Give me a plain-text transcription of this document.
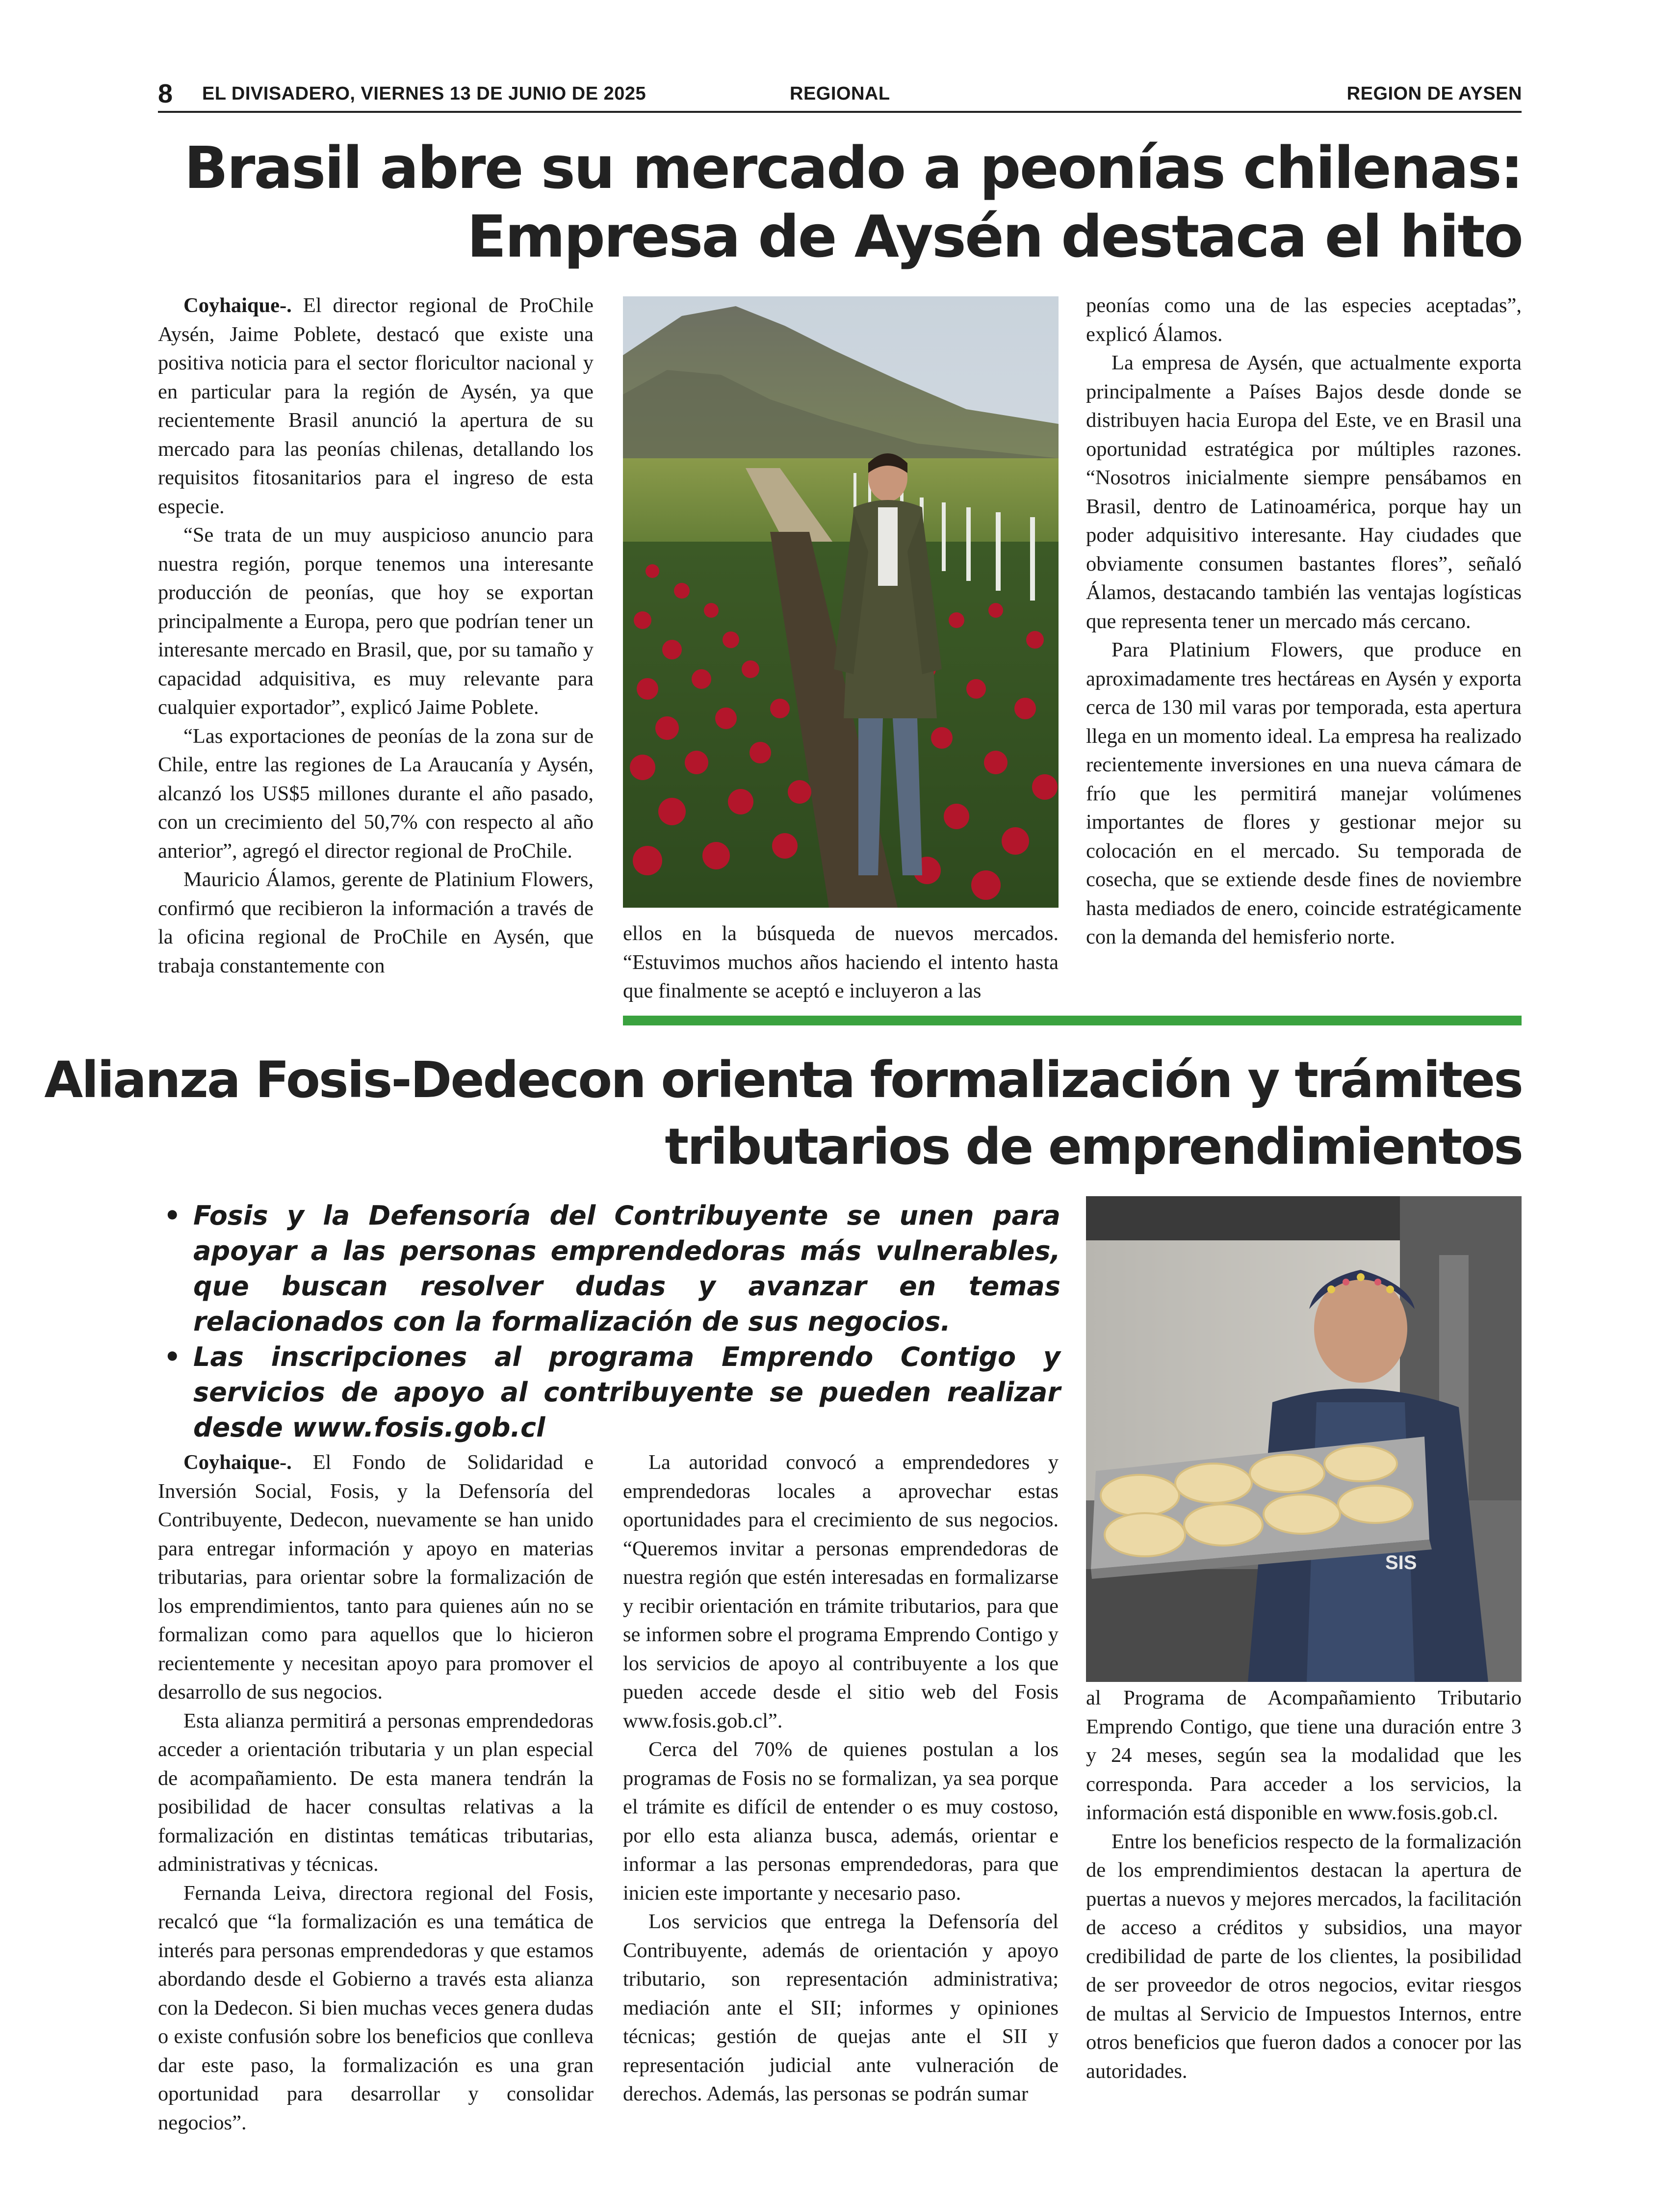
8 EL DIVISADERO, VIERNES 13 DE JUNIO DE 2025	REGIONAL	REGION DE AYSEN
Brasil abre su mercado a peonías chilenas:
Empresa de Aysén destaca el hito

Coyhaique-. El director regional de ProChile Aysén, Jaime Poblete, destacó que existe una positiva noticia para el sector floricultor nacional y en particular para la región de Aysén, ya que recientemente Brasil anunció la apertura de su mercado para las peonías chilenas, detallando los requisitos fitosanitarios para el ingreso de esta especie.

“Se trata de un muy auspicioso anuncio para nuestra región, porque tenemos una interesante producción de peonías, que hoy se exportan principalmente a Europa, pero que podrían tener un interesante mercado en Brasil, que, por su tamaño y capacidad adquisitiva, es muy relevante para cualquier exportador”, explicó Jaime Poblete.

“Las exportaciones de peonías de la zona sur de Chile, entre las regiones de La Araucanía y Aysén, alcanzó los US$5 millones durante el año pasado, con un crecimiento del 50,7% con respecto al año anterior”, agregó el director regional de ProChile.

Mauricio Álamos, gerente de Platinium Flowers, confirmó que recibieron la información a través de la oficina regional de ProChile en Aysén, que trabaja constantemente con

ellos en la búsqueda de nuevos mercados. “Estuvimos muchos años haciendo el intento hasta que finalmente se aceptó e incluyeron a las

peonías como una de las especies aceptadas”, explicó Álamos.

La empresa de Aysén, que actualmente exporta principalmente a Países Bajos desde donde se distribuyen hacia Europa del Este, ve en Brasil una oportunidad estratégica por múltiples razones. “Nosotros inicialmente siempre pensábamos en Brasil, dentro de Latinoamérica, porque hay un poder adquisitivo interesante. Hay ciudades que obviamente consumen bastantes flores”, señaló Álamos, destacando también las ventajas logísticas que representa tener un mercado más cercano.

Para Platinium Flowers, que produce en aproximadamente tres hectáreas en Aysén y exporta cerca de 130 mil varas por temporada, esta apertura llega en un momento ideal. La empresa ha realizado recientemente inversiones en una nueva cámara de frío que les permitirá manejar volúmenes importantes de flores y gestionar mejor su colocación en el mercado. Su temporada de cosecha, que se extiende desde fines de noviembre hasta mediados de enero, coincide estratégicamente con la demanda del hemisferio norte.

Alianza Fosis-Dedecon orienta formalización y trámites
tributarios de emprendimientos
• Fosis y la Defensoría del Contribuyente se unen para apoyar a las personas emprendedoras más vulnerables, que buscan resolver dudas y avanzar en temas relacionados con la formalización de sus negocios.
• Las inscripciones al programa Emprendo Contigo y servicios de apoyo al contribuyente se pueden realizar desde www.fosis.gob.cl
SIS

Coyhaique-. El Fondo de Solidaridad e Inversión Social, Fosis, y la Defensoría del Contribuyente, Dedecon, nuevamente se han unido para entregar información y apoyo en materias tributarias, para orientar sobre la formalización de los emprendimientos, tanto para quienes aún no se formalizan como para aquellos que lo hicieron recientemente y necesitan apoyo para promover el desarrollo de sus negocios.

Esta alianza permitirá a personas emprendedoras acceder a orientación tributaria y un plan especial de acompañamiento. De esta manera tendrán la posibilidad de hacer consultas relativas a la formalización en distintas temáticas tributarias, administrativas y técnicas.

Fernanda Leiva, directora regional del Fosis, recalcó que “la formalización es una temática de interés para personas emprendedoras y que estamos abordando desde el Gobierno a través esta alianza con la Dedecon. Si bien muchas veces genera dudas o existe confusión sobre los beneficios que conlleva dar este paso, la formalización es una gran oportunidad para desarrollar y consolidar negocios”.

La autoridad convocó a emprendedores y emprendedoras locales a aprovechar estas oportunidades para el crecimiento de sus negocios. “Queremos invitar a personas emprendedoras de nuestra región que estén interesadas en formalizarse y recibir orientación en trámite tributarios, para que se informen sobre el programa Emprendo Contigo y los servicios de apoyo al contribuyente a los que pueden accede desde el sitio web del Fosis www.fosis.gob.cl”.

Cerca del 70% de quienes postulan a los programas de Fosis no se formalizan, ya sea porque el trámite es difícil de entender o es muy costoso, por ello esta alianza busca, además, orientar e informar a las personas emprendedoras, para que inicien este importante y necesario paso.

Los servicios que entrega la Defensoría del Contribuyente, además de orientación y apoyo tributario, son representación administrativa; mediación ante el SII; informes y opiniones técnicas; gestión de quejas ante el SII y representación judicial ante vulneración de derechos. Además, las personas se podrán sumar

al Programa de Acompañamiento Tributario Emprendo Contigo, que tiene una duración entre 3 y 24 meses, según sea la modalidad que les corresponda. Para acceder a los servicios, la información está disponible en www.fosis.gob.cl.

Entre los beneficios respecto de la formalización de los emprendimientos destacan la apertura de puertas a nuevos y mejores mercados, la facilitación de acceso a créditos y subsidios, una mayor credibilidad de parte de los clientes, la posibilidad de ser proveedor de otros negocios, evitar riesgos de multas al Servicio de Impuestos Internos, entre otros beneficios que fueron dados a conocer por las autoridades.
